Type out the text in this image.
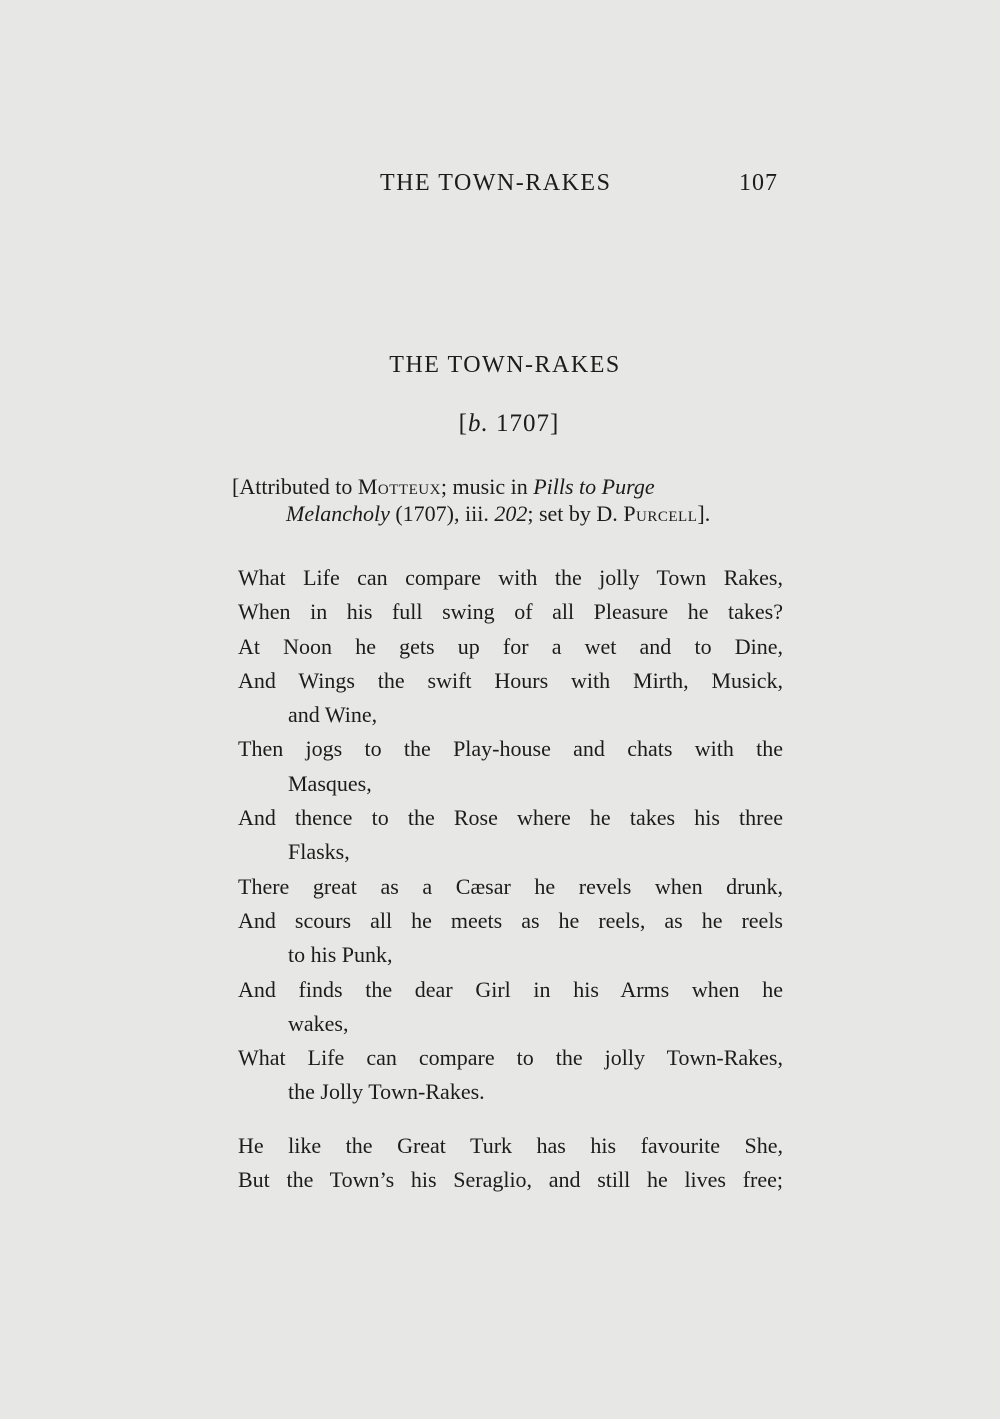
THE TOWN-RAKES	107
THE TOWN-RAKES
[b. 1707]
[Attributed to Motteux; music in Pills to Purge
Melancholy (1707), iii. 202; set by D. Purcell].
What Life can compare with the jolly Town Rakes,
When in his full swing of all Pleasure he takes?
At Noon he gets up for a wet and to Dine,
And Wings the swift Hours with Mirth, Musick,
and Wine,
Then jogs to the Play-house and chats with the
Masques,
And thence to the Rose where he takes his three
Flasks,
There great as a Cæsar he revels when drunk,
And scours all he meets as he reels, as he reels
to his Punk,
And finds the dear Girl in his Arms when he
wakes,
What Life can compare to the jolly Town-Rakes,
the Jolly Town-Rakes.
He like the Great Turk has his favourite She,
But the Town’s his Seraglio, and still he lives free;
